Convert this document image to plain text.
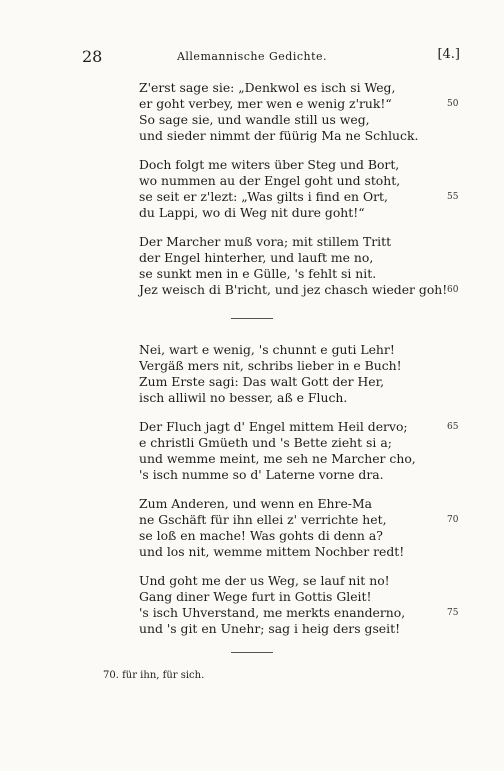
28	Allemannische Gedichte.	[4.]
Z'erst sage sie: „Denkwol es isch si Weg,
er goht verbey, mer wen e wenig z'ruk!“
So sage sie, und wandle still us weg,
und sieder nimmt der füürig Ma ne Schluck.
Doch folgt me witers über Steg und Bort,
wo nummen au der Engel goht und stoht,
se seit er z'lezt: „Was gilts i find en Ort,
du Lappi, wo di Weg nit dure goht!“
Der Marcher muß vora; mit stillem Tritt
der Engel hinterher, und lauft me no,
se sunkt men in e Gülle, 's fehlt si nit.
Jez weisch di B'richt, und jez chasch wieder goh!
Nei, wart e wenig, 's chunnt e guti Lehr!
Vergäß mers nit, schribs lieber in e Buch!
Zum Erste sagi: Das walt Gott der Her,
isch alliwil no besser, aß e Fluch.
Der Fluch jagt d' Engel mittem Heil dervo;
e christli Gmüeth und 's Bette zieht si a;
und wemme meint, me seh ne Marcher cho,
's isch numme so d' Laterne vorne dra.
Zum Anderen, und wenn en Ehre-Ma
ne Gschäft für ihn ellei z' verrichte het,
se loß en mache! Was gohts di denn a?
und los nit, wemme mittem Nochber redt!
Und goht me der us Weg, se lauf nit no!
Gang diner Wege furt in Gottis Gleit!
's isch Uhverstand, me merkts enanderno,
und 's git en Unehr; sag i heig ders gseit!
50
55
60
65
70
75
70. für ihn, für sich.
